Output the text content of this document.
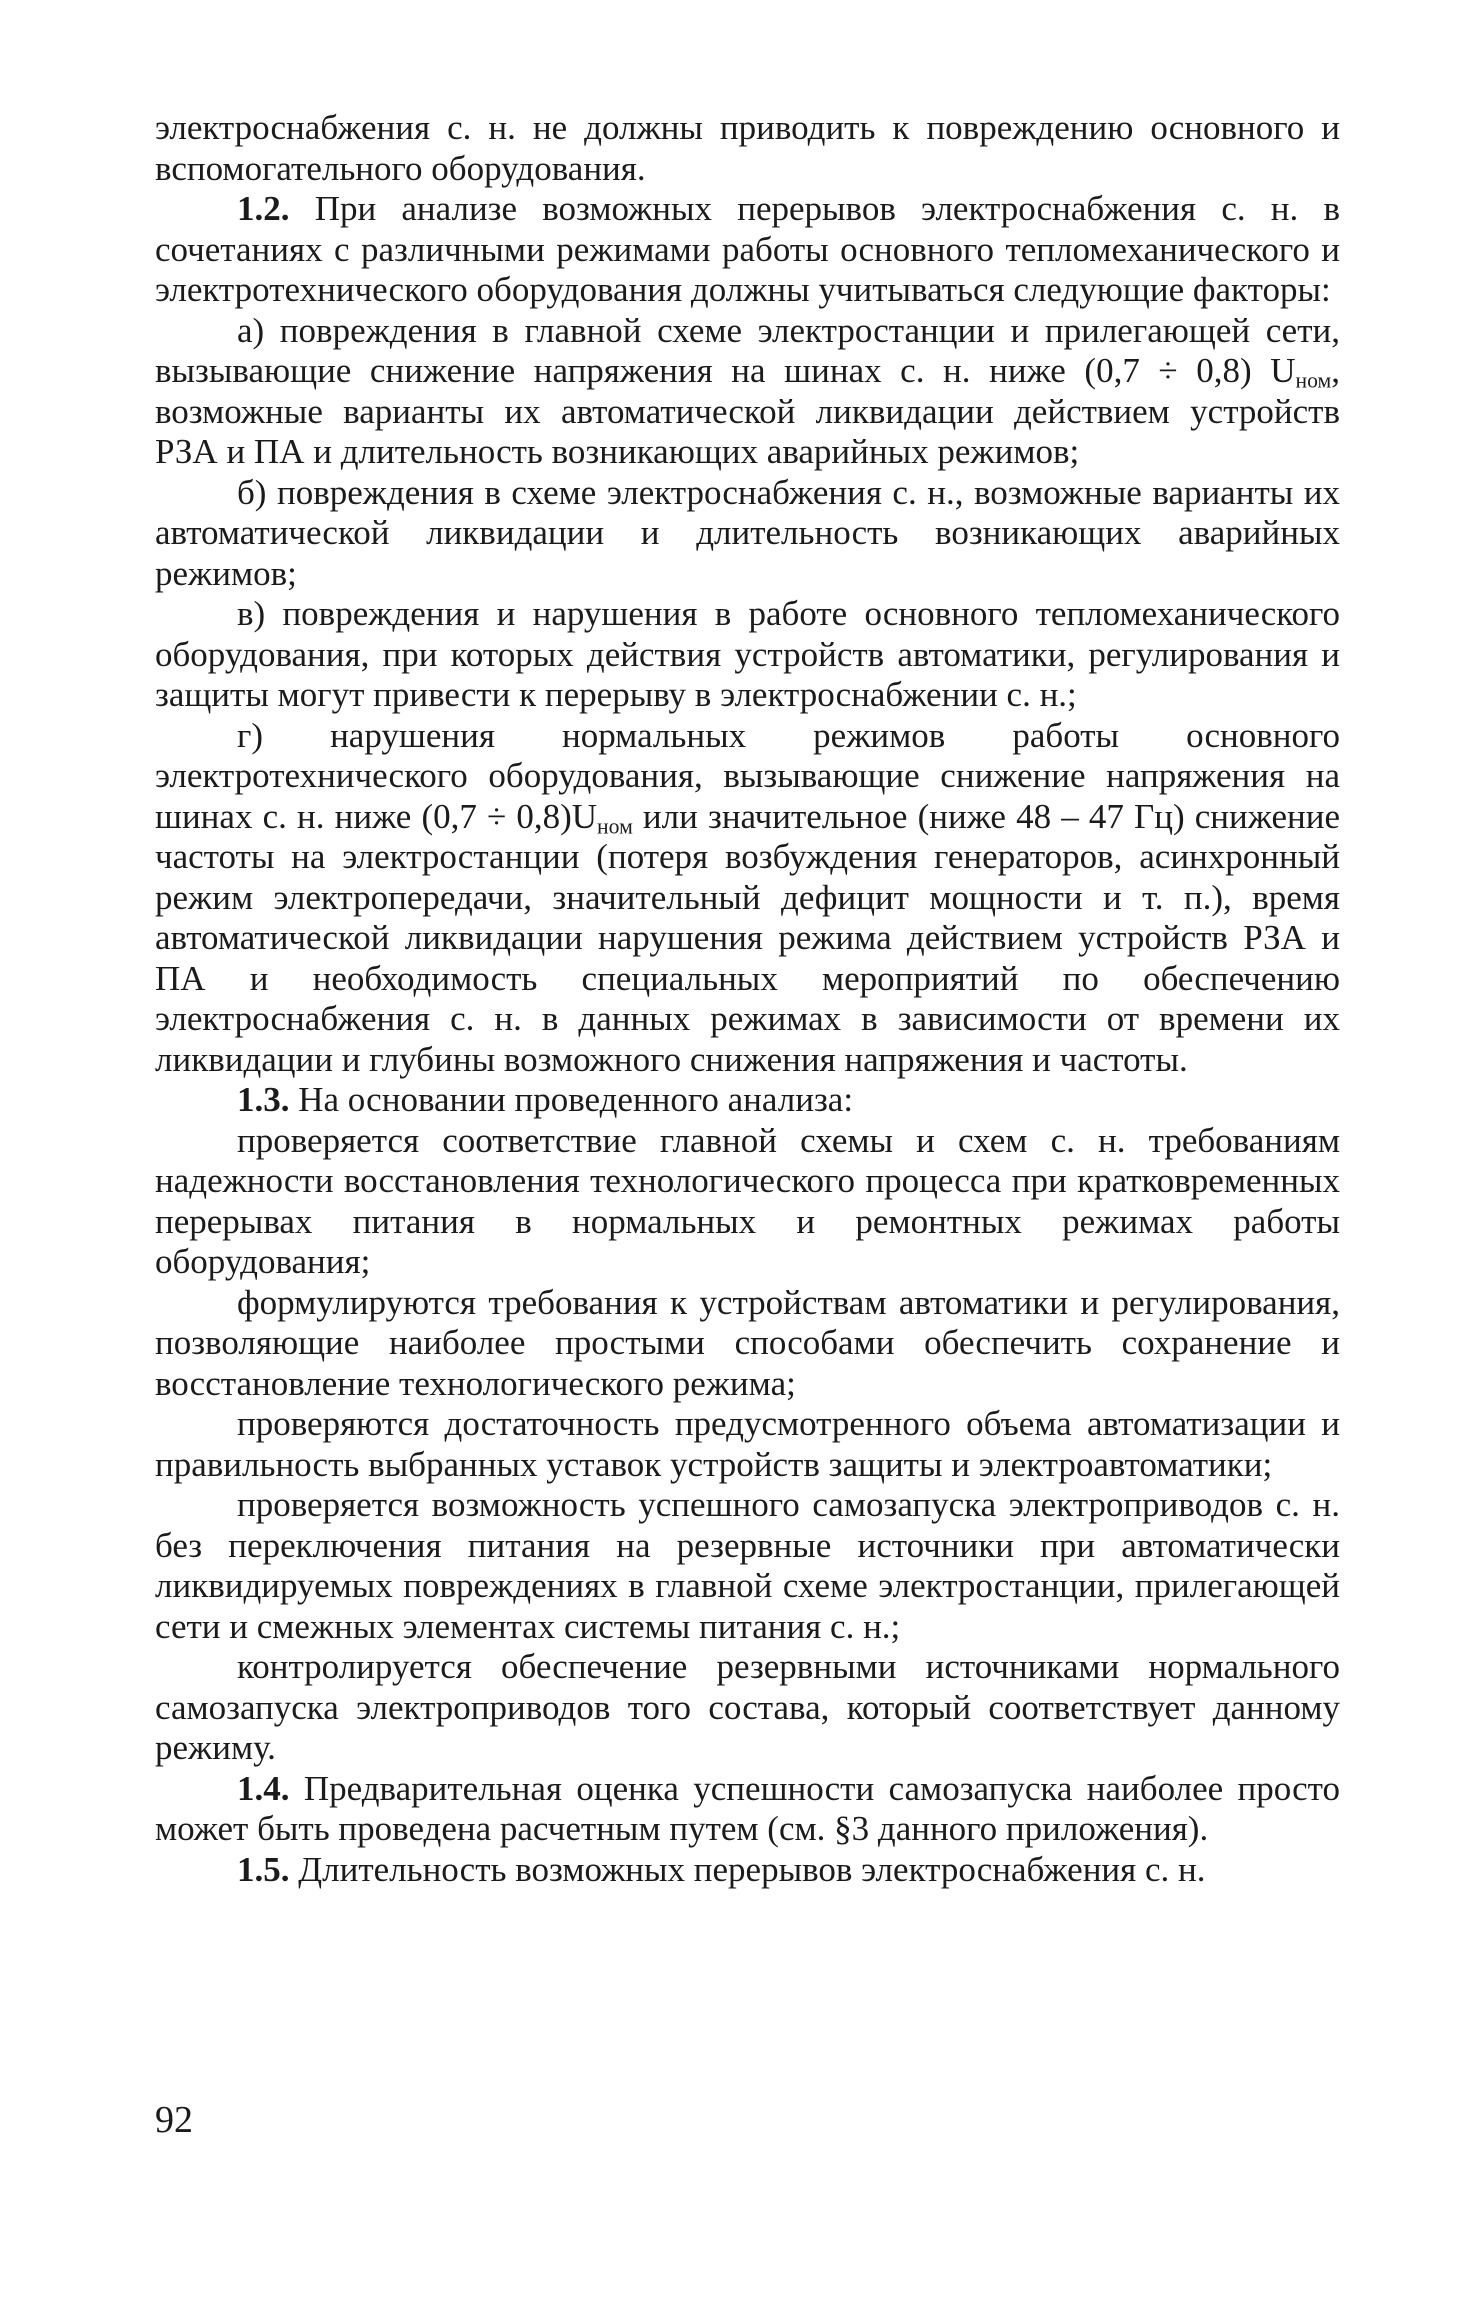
электроснабжения с. н. не должны приводить к повреждению основного и вспомогательного оборудования.

1.2. При анализе возможных перерывов электроснабжения с. н. в сочетаниях с различными режимами работы основного тепломеханического и электротехнического оборудования должны учитываться следующие факторы:

а) повреждения в главной схеме электростанции и прилегающей сети, вызывающие снижение напряжения на шинах с. н. ниже (0,7 ÷ 0,8) $U_{ном}$, возможные варианты их автоматической ликвидации действием устройств РЗА и ПА и длительность возникающих аварийных режимов;

б) повреждения в схеме электроснабжения с. н., возможные варианты их автоматической ликвидации и длительность возникающих аварийных режимов;

в) повреждения и нарушения в работе основного тепломеханического оборудования, при которых действия устройств автоматики, регулирования и защиты могут привести к перерыву в электроснабжении с. н.;

г) нарушения нормальных режимов работы основного электротехнического оборудования, вызывающие снижение напряжения на шинах с. н. ниже $(0,7 \div 0,8)U_{ном}$ или значительное (ниже 48 – 47 Гц) снижение частоты на электростанции (потеря возбуждения генераторов, асинхронный режим электропередачи, значительный дефицит мощности и т. п.), время автоматической ликвидации нарушения режима действием устройств РЗА и ПА и необходимость специальных мероприятий по обеспечению электроснабжения с. н. в данных режимах в зависимости от времени их ликвидации и глубины возможного снижения напряжения и частоты.

1.3. На основании проведенного анализа:

проверяется соответствие главной схемы и схем с. н. требованиям надежности восстановления технологического процесса при кратковременных перерывах питания в нормальных и ремонтных режимах работы оборудования;

формулируются требования к устройствам автоматики и регулирования, позволяющие наиболее простыми способами обеспечить сохранение и восстановление технологического режима;

проверяются достаточность предусмотренного объема автоматизации и правильность выбранных уставок устройств защиты и электроавтоматики;

проверяется возможность успешного самозапуска электроприводов с. н. без переключения питания на резервные источники при автоматически ликвидируемых повреждениях в главной схеме электростанции, прилегающей сети и смежных элементах системы питания с. н.;

контролируется обеспечение резервными источниками нормального самозапуска электроприводов того состава, который соответствует данному режиму.

1.4. Предварительная оценка успешности самозапуска наиболее просто может быть проведена расчетным путем (см. §3 данного приложения).

1.5. Длительность возможных перерывов электроснабжения с. н.

92
